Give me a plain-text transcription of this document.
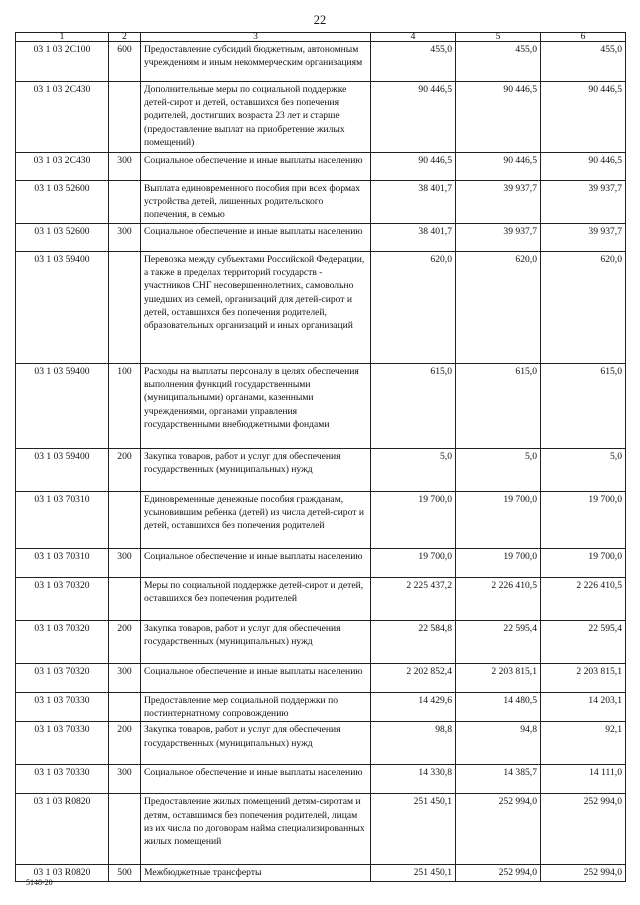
22
1	2	3	4	5	6
03 1 03 2С100	600	Предоставление субсидий бюджетным, автономным учреждениям и иным некоммерческим организациям	455,0	455,0	455,0
03 1 03 2С430		Дополнительные меры по социальной поддержке детей-сирот и детей, оставшихся без попечения родителей, достигших возраста 23 лет и старше (предоставление выплат на приобретение жилых помещений)	90 446,5	90 446,5	90 446,5
03 1 03 2С430	300	Социальное обеспечение и иные выплаты населению	90 446,5	90 446,5	90 446,5
03 1 03 52600		Выплата единовременного пособия при всех формах устройства детей, лишенных родительского попечения, в семью	38 401,7	39 937,7	39 937,7
03 1 03 52600	300	Социальное обеспечение и иные выплаты населению	38 401,7	39 937,7	39 937,7
03 1 03 59400		Перевозка между субъектами Российской Федерации, а также в пределах территорий государств - участников СНГ несовершеннолетних, самовольно ушедших из семей, организаций для детей-сирот и детей, оставшихся без попечения родителей, образовательных организаций и иных организаций	620,0	620,0	620,0
03 1 03 59400	100	Расходы на выплаты персоналу в целях обеспечения выполнения функций государственными (муниципальными) органами, казенными учреждениями, органами управления государственными внебюджетными фондами	615,0	615,0	615,0
03 1 03 59400	200	Закупка товаров, работ и услуг для обеспечения государственных (муниципальных) нужд	5,0	5,0	5,0
03 1 03 70310		Единовременные денежные пособия гражданам, усыновившим ребенка (детей) из числа детей-сирот и детей, оставшихся без попечения родителей	19 700,0	19 700,0	19 700,0
03 1 03 70310	300	Социальное обеспечение и иные выплаты населению	19 700,0	19 700,0	19 700,0
03 1 03 70320		Меры по социальной поддержке детей-сирот и детей, оставшихся без попечения родителей	2 225 437,2	2 226 410,5	2 226 410,5
03 1 03 70320	200	Закупка товаров, работ и услуг для обеспечения государственных (муниципальных) нужд	22 584,8	22 595,4	22 595,4
03 1 03 70320	300	Социальное обеспечение и иные выплаты населению	2 202 852,4	2 203 815,1	2 203 815,1
03 1 03 70330		Предоставление мер социальной поддержки по постинтернатному сопровождению	14 429,6	14 480,5	14 203,1
03 1 03 70330	200	Закупка товаров, работ и услуг для обеспечения государственных (муниципальных) нужд	98,8	94,8	92,1
03 1 03 70330	300	Социальное обеспечение и иные выплаты населению	14 330,8	14 385,7	14 111,0
03 1 03 R0820		Предоставление жилых помещений детям-сиротам и детям, оставшимся без попечения родителей, лицам из их числа по договорам найма специализированных жилых помещений	251 450,1	252 994,0	252 994,0
03 1 03 R0820	500	Межбюджетные трансферты	251 450,1	252 994,0	252 994,0
5148-20
